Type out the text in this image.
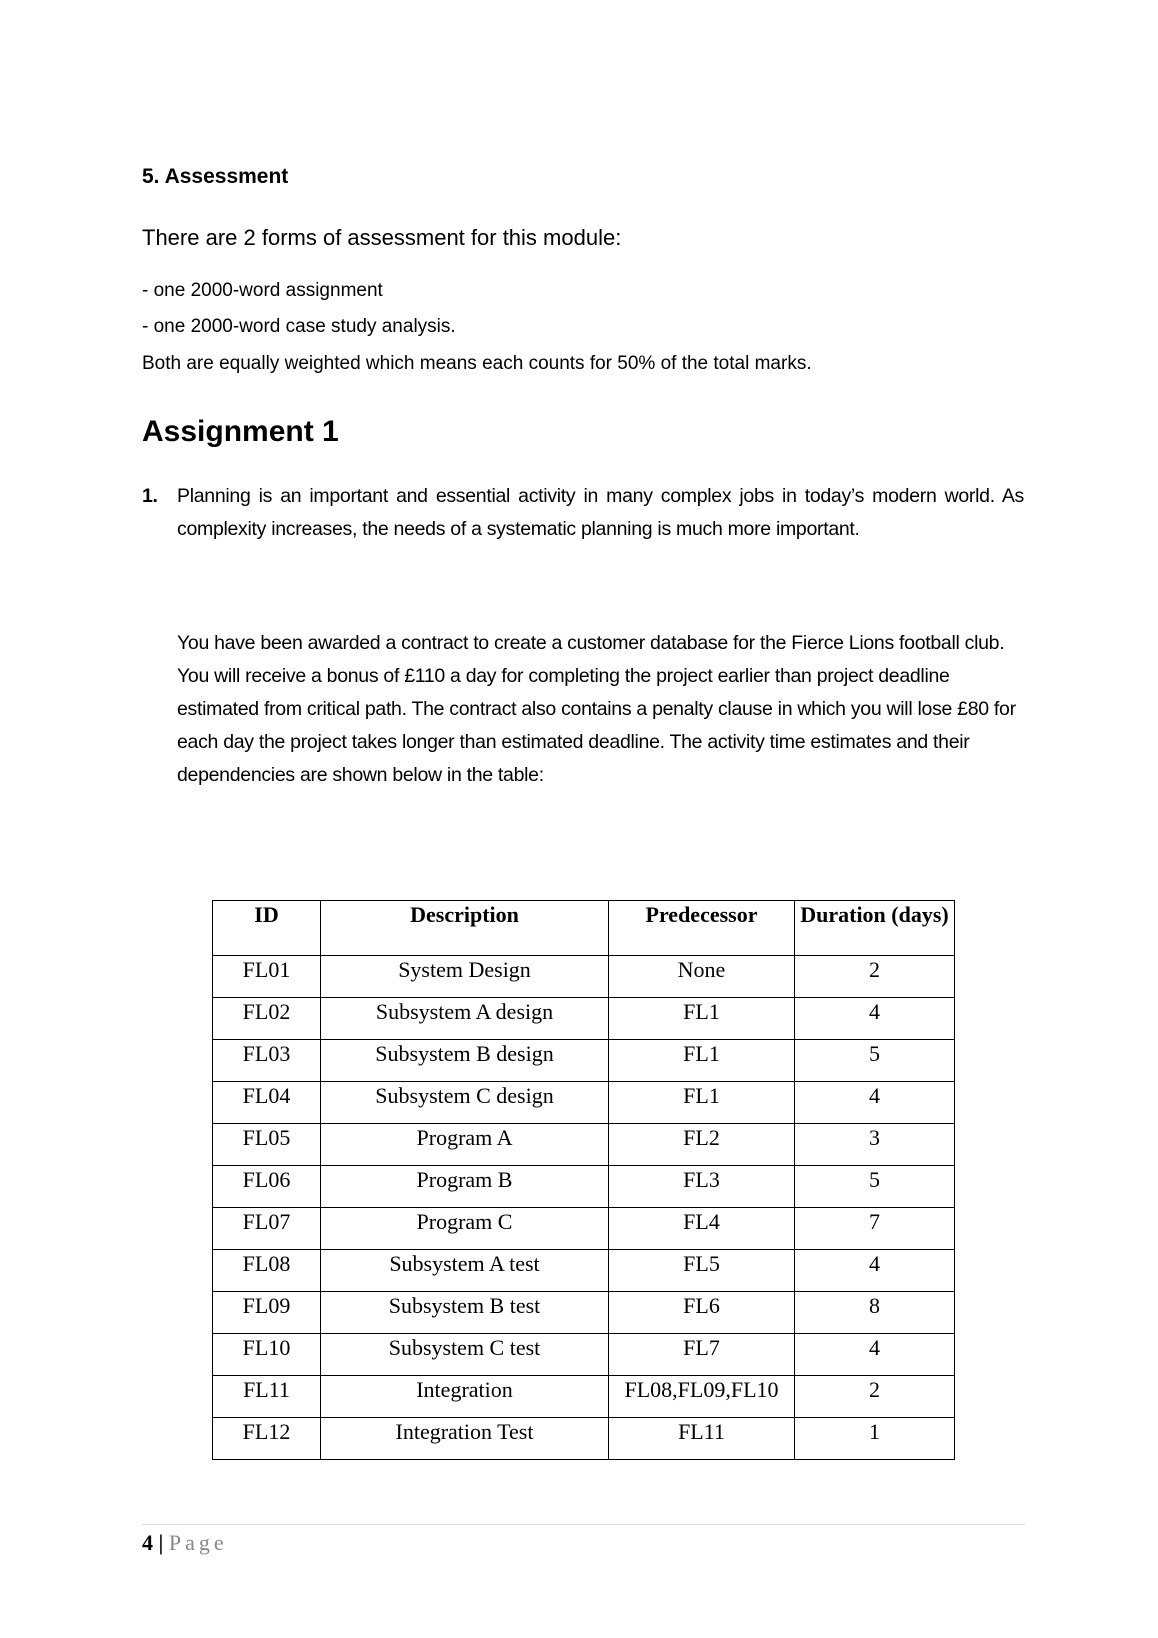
5. Assessment
There are 2 forms of assessment for this module:
- one 2000-word assignment
- one 2000-word case study analysis.
Both are equally weighted which means each counts for 50% of the total marks.
Assignment 1
1. Planning is an important and essential activity in many complex jobs in today’s modern world. As complexity increases, the needs of a systematic planning is much more important.
You have been awarded a contract to create a customer database for the Fierce Lions football club. You will receive a bonus of £110 a day for completing the project earlier than project deadline estimated from critical path. The contract also contains a penalty clause in which you will lose £80 for each day the project takes longer than estimated deadline. The activity time estimates and their dependencies are shown below in the table:
ID	Description	Predecessor	Duration (days)
FL01	System Design	None	2
FL02	Subsystem A design	FL1	4
FL03	Subsystem B design	FL1	5
FL04	Subsystem C design	FL1	4
FL05	Program A	FL2	3
FL06	Program B	FL3	5
FL07	Program C	FL4	7
FL08	Subsystem A test	FL5	4
FL09	Subsystem B test	FL6	8
FL10	Subsystem C test	FL7	4
FL11	Integration	FL08,FL09,FL10	2
FL12	Integration Test	FL11	1
4 | Page
